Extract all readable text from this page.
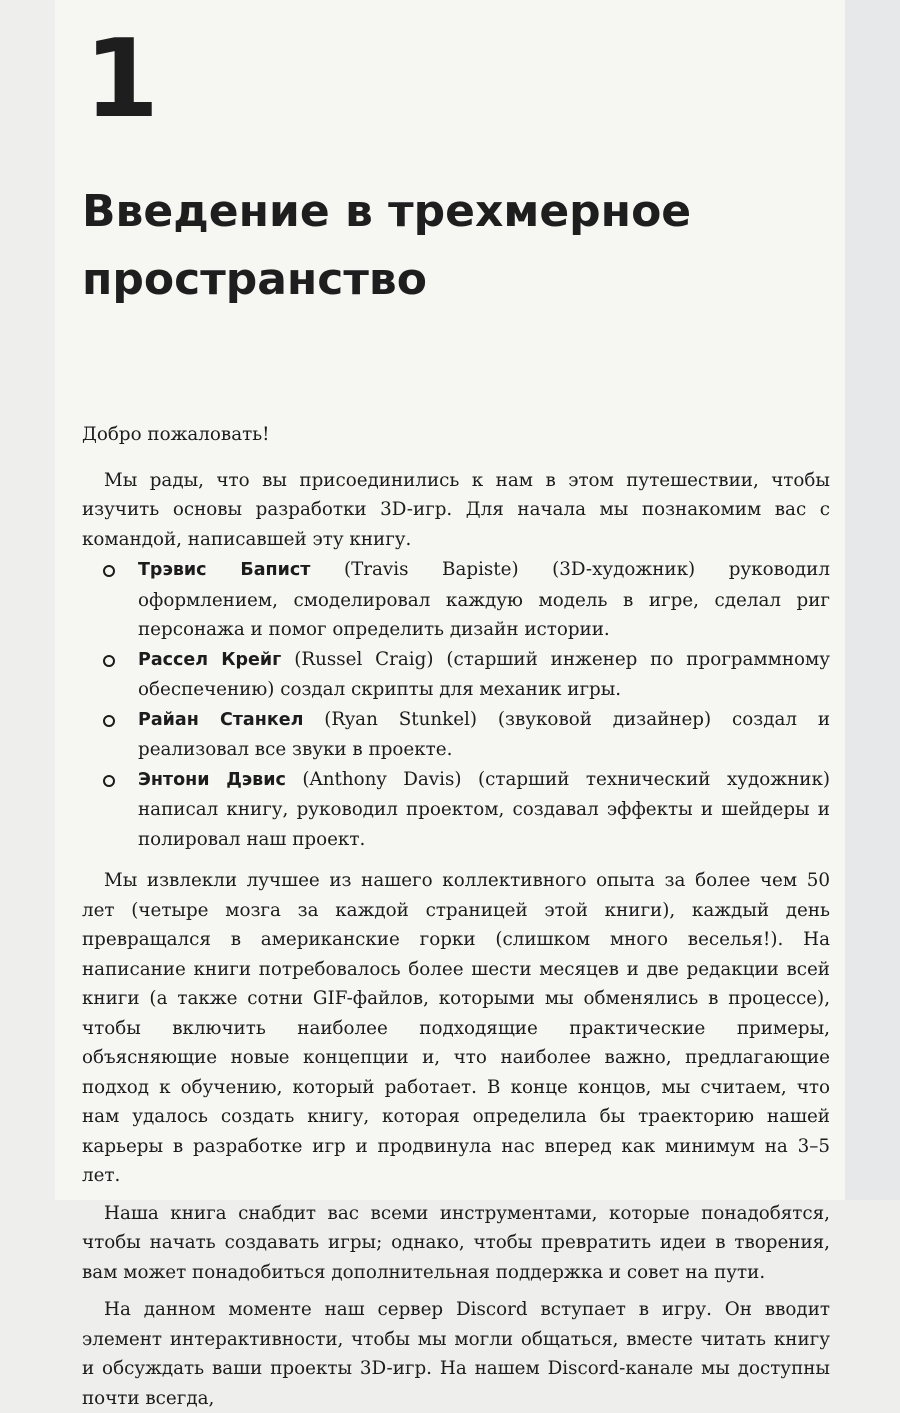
1
Введение в трехмерное
пространство

Добро пожаловать!

Мы рады, что вы присоединились к нам в этом путешествии, чтобы изучить основы разработки 3D-игр. Для начала мы познакомим вас с командой, написавшей эту книгу.

Трэвис Бапист (Travis Bapiste) (3D-художник) руководил оформлением, смоделировал каждую модель в игре, сделал риг персонажа и помог определить дизайн истории.
Рассел Крейг (Russel Craig) (старший инженер по программному обеспечению) создал скрипты для механик игры.
Райан Станкел (Ryan Stunkel) (звуковой дизайнер) создал и реализовал все звуки в проекте.
Энтони Дэвис (Anthony Davis) (старший технический художник) написал книгу, руководил проектом, создавал эффекты и шейдеры и полировал наш проект.

Мы извлекли лучшее из нашего коллективного опыта за более чем 50 лет (четыре мозга за каждой страницей этой книги), каждый день превращался в американские горки (слишком много веселья!). На написание книги потребовалось более шести месяцев и две редакции всей книги (а также сотни GIF-файлов, которыми мы обменялись в процессе), чтобы включить наиболее подходящие практические примеры, объясняющие новые концепции и, что наиболее важно, предлагающие подход к обучению, который работает. В конце концов, мы считаем, что нам удалось создать книгу, которая определила бы траекторию нашей карьеры в разработке игр и продвинула нас вперед как минимум на 3–5 лет.

Наша книга снабдит вас всеми инструментами, которые понадобятся, чтобы начать создавать игры; однако, чтобы превратить идеи в творения, вам может понадобиться дополнительная поддержка и совет на пути.

На данном моменте наш сервер Discord вступает в игру. Он вводит элемент интерактивности, чтобы мы могли общаться, вместе читать книгу и обсуждать ваши проекты 3D-игр. На нашем Discord-канале мы доступны почти всегда,
